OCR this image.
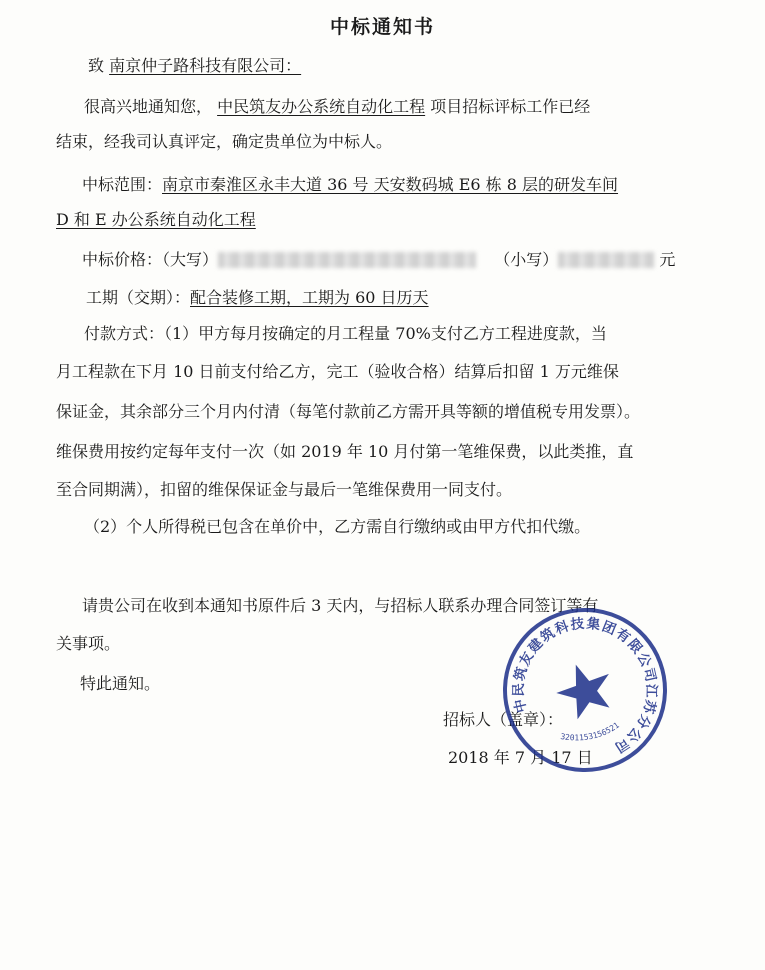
中标通知书
致 南京仲子路科技有限公司：
很高兴地通知您， 中民筑友办公系统自动化工程 项目招标评标工作已经
结束，经我司认真评定，确定贵单位为中标人。
中标范围：南京市秦淮区永丰大道 36 号 天安数码城 E6 栋 8 层的研发车间
D 和 E 办公系统自动化工程
中标价格：（大写）	（小写）	元
工期（交期）：配合装修工期，工期为 60 日历天
付款方式：（1）甲方每月按确定的月工程量 70%支付乙方工程进度款，当
月工程款在下月 10 日前支付给乙方，完工（验收合格）结算后扣留 1 万元维保
保证金，其余部分三个月内付清（每笔付款前乙方需开具等额的增值税专用发票）。
维保费用按约定每年支付一次（如 2019 年 10 月付第一笔维保费，以此类推，直
至合同期满），扣留的维保保证金与最后一笔维保费用一同支付。
（2）个人所得税已包含在单价中，乙方需自行缴纳或由甲方代扣代缴。
请贵公司在收到本通知书原件后 3 天内，与招标人联系办理合同签订等有
关事项。
特此通知。
招标人（盖章）：
2018 年 7 月 17 日
中民筑友建筑科技集团有限公司江苏分公司
3201153156521
